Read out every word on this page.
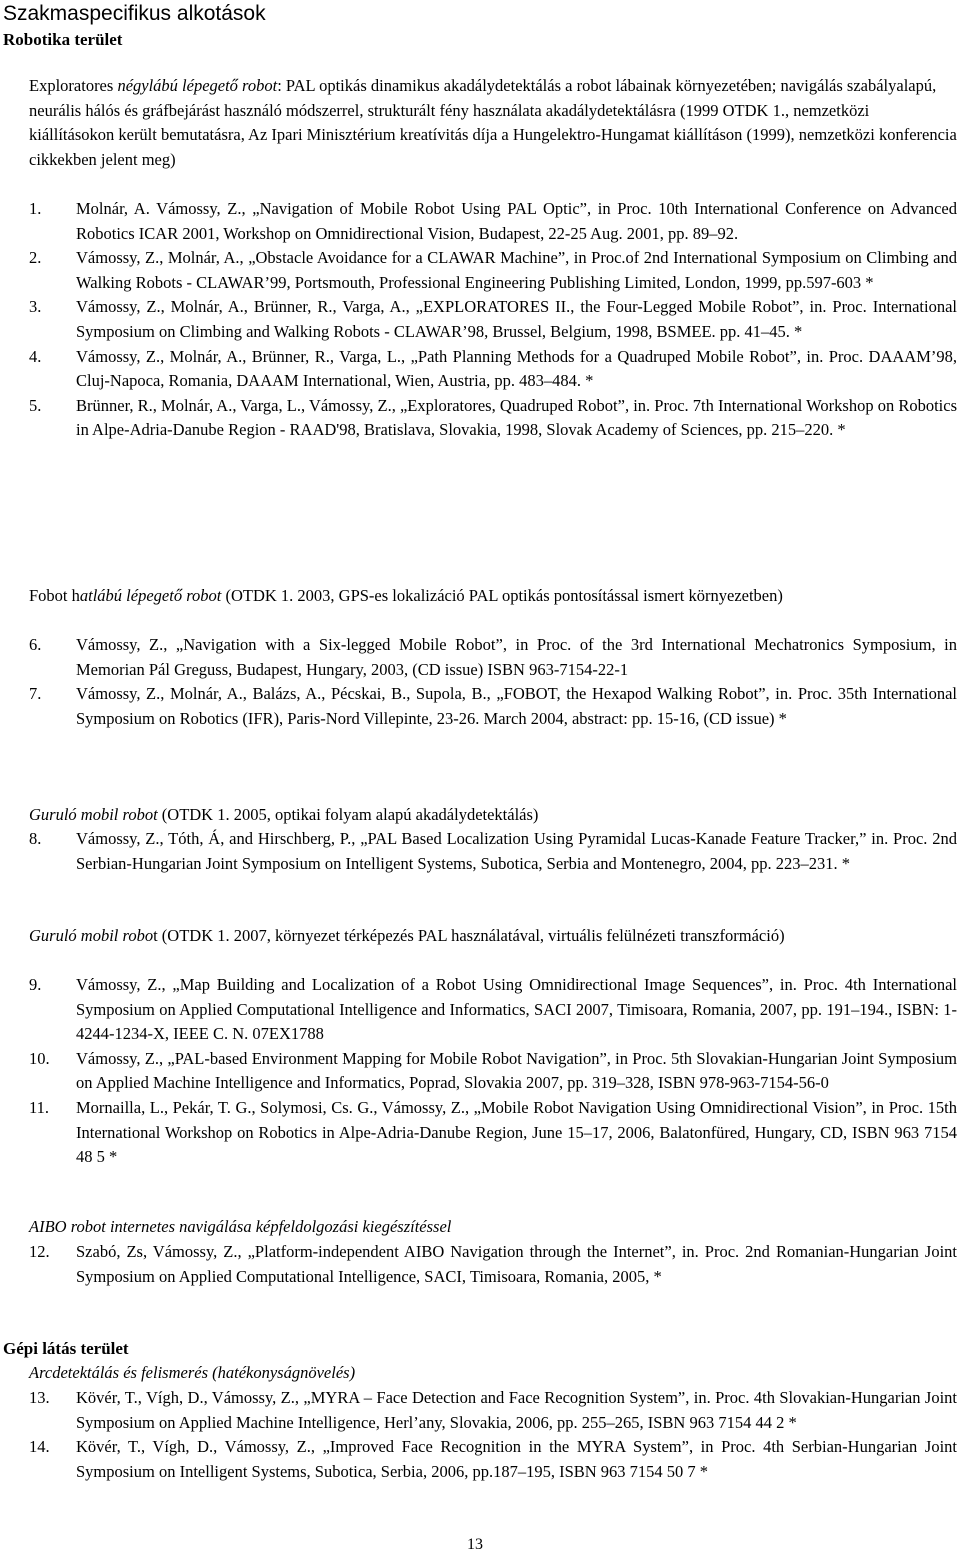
Szakmaspecifikus alkotások
Robotika terület
Exploratores négylábú lépegető robot: PAL optikás dinamikus akadálydetektálás a robot lábainak környezetében; navigálás szabályalapú, neurális hálós és gráfbejárást használó módszerrel, strukturált fény használata akadálydetektálásra (1999 OTDK 1., nemzetközi kiállításokon került bemutatásra, Az Ipari Minisztérium kreatívitás díja a Hungelektro-Hungamat kiállításon (1999), nemzetközi konferencia cikkekben jelent meg)
1. Molnár, A. Vámossy, Z., „Navigation of Mobile Robot Using PAL Optic”, in Proc. 10th International Conference on Advanced Robotics ICAR 2001, Workshop on Omnidirectional Vision, Budapest, 22-25 Aug. 2001, pp. 89–92.
2. Vámossy, Z., Molnár, A., „Obstacle Avoidance for a CLAWAR Machine”, in Proc.of 2nd International Symposium on Climbing and Walking Robots - CLAWAR’99, Portsmouth, Professional Engineering Publishing Limited, London, 1999, pp.597-603 *
3. Vámossy, Z., Molnár, A., Brünner, R., Varga, A., „EXPLORATORES II., the Four-Legged Mobile Robot”, in. Proc. International Symposium on Climbing and Walking Robots - CLAWAR’98, Brussel, Belgium, 1998, BSMEE. pp. 41–45. *
4. Vámossy, Z., Molnár, A., Brünner, R., Varga, L., „Path Planning Methods for a Quadruped Mobile Robot”, in. Proc. DAAAM’98, Cluj-Napoca, Romania, DAAAM International, Wien, Austria, pp. 483–484. *
5. Brünner, R., Molnár, A., Varga, L., Vámossy, Z., „Exploratores, Quadruped Robot”, in. Proc. 7th International Workshop on Robotics in Alpe-Adria-Danube Region - RAAD'98, Bratislava, Slovakia, 1998, Slovak Academy of Sciences, pp. 215–220. *
Fobot hatlábú lépegető robot (OTDK 1. 2003, GPS-es lokalizáció PAL optikás pontosítással ismert környezetben)
6. Vámossy, Z., „Navigation with a Six-legged Mobile Robot”, in Proc. of the 3rd International Mechatronics Symposium, in Memorian Pál Greguss, Budapest, Hungary, 2003, (CD issue) ISBN 963-7154-22-1
7. Vámossy, Z., Molnár, A., Balázs, A., Pécskai, B., Supola, B., „FOBOT, the Hexapod Walking Robot”, in. Proc. 35th International Symposium on Robotics (IFR), Paris-Nord Villepinte, 23-26. March 2004, abstract: pp. 15-16, (CD issue) *
Guruló mobil robot (OTDK 1. 2005, optikai folyam alapú akadálydetektálás)
8. Vámossy, Z., Tóth, Á, and Hirschberg, P., „PAL Based Localization Using Pyramidal Lucas-Kanade Feature Tracker,” in. Proc. 2nd Serbian-Hungarian Joint Symposium on Intelligent Systems, Subotica, Serbia and Montenegro, 2004, pp. 223–231. *
Guruló mobil robot (OTDK 1. 2007, környezet térképezés PAL használatával, virtuális felülnézeti transzformáció)
9. Vámossy, Z., „Map Building and Localization of a Robot Using Omnidirectional Image Sequences”, in. Proc. 4th International Symposium on Applied Computational Intelligence and Informatics, SACI 2007, Timisoara, Romania, 2007, pp. 191–194., ISBN: 1-4244-1234-X, IEEE C. N. 07EX1788
10. Vámossy, Z., „PAL-based Environment Mapping for Mobile Robot Navigation”, in Proc. 5th Slovakian-Hungarian Joint Symposium on Applied Machine Intelligence and Informatics, Poprad, Slovakia 2007, pp. 319–328, ISBN 978-963-7154-56-0
11. Mornailla, L., Pekár, T. G., Solymosi, Cs. G., Vámossy, Z., „Mobile Robot Navigation Using Omnidirectional Vision”, in Proc. 15th International Workshop on Robotics in Alpe-Adria-Danube Region, June 15–17, 2006, Balatonfüred, Hungary, CD, ISBN 963 7154 48 5 *
AIBO robot internetes navigálása képfeldolgozási kiegészítéssel
12. Szabó, Zs, Vámossy, Z., „Platform-independent AIBO Navigation through the Internet”, in. Proc. 2nd Romanian-Hungarian Joint Symposium on Applied Computational Intelligence, SACI, Timisoara, Romania, 2005, *
Gépi látás terület
Arcdetektálás és felismerés (hatékonyságnövelés)
13. Kövér, T., Vígh, D., Vámossy, Z., „MYRA – Face Detection and Face Recognition System”, in. Proc. 4th Slovakian-Hungarian Joint Symposium on Applied Machine Intelligence, Herl’any, Slovakia, 2006, pp. 255–265, ISBN 963 7154 44 2 *
14. Kövér, T., Vígh, D., Vámossy, Z., „Improved Face Recognition in the MYRA System”, in Proc. 4th Serbian-Hungarian Joint Symposium on Intelligent Systems, Subotica, Serbia, 2006, pp.187–195, ISBN 963 7154 50 7 *
13
